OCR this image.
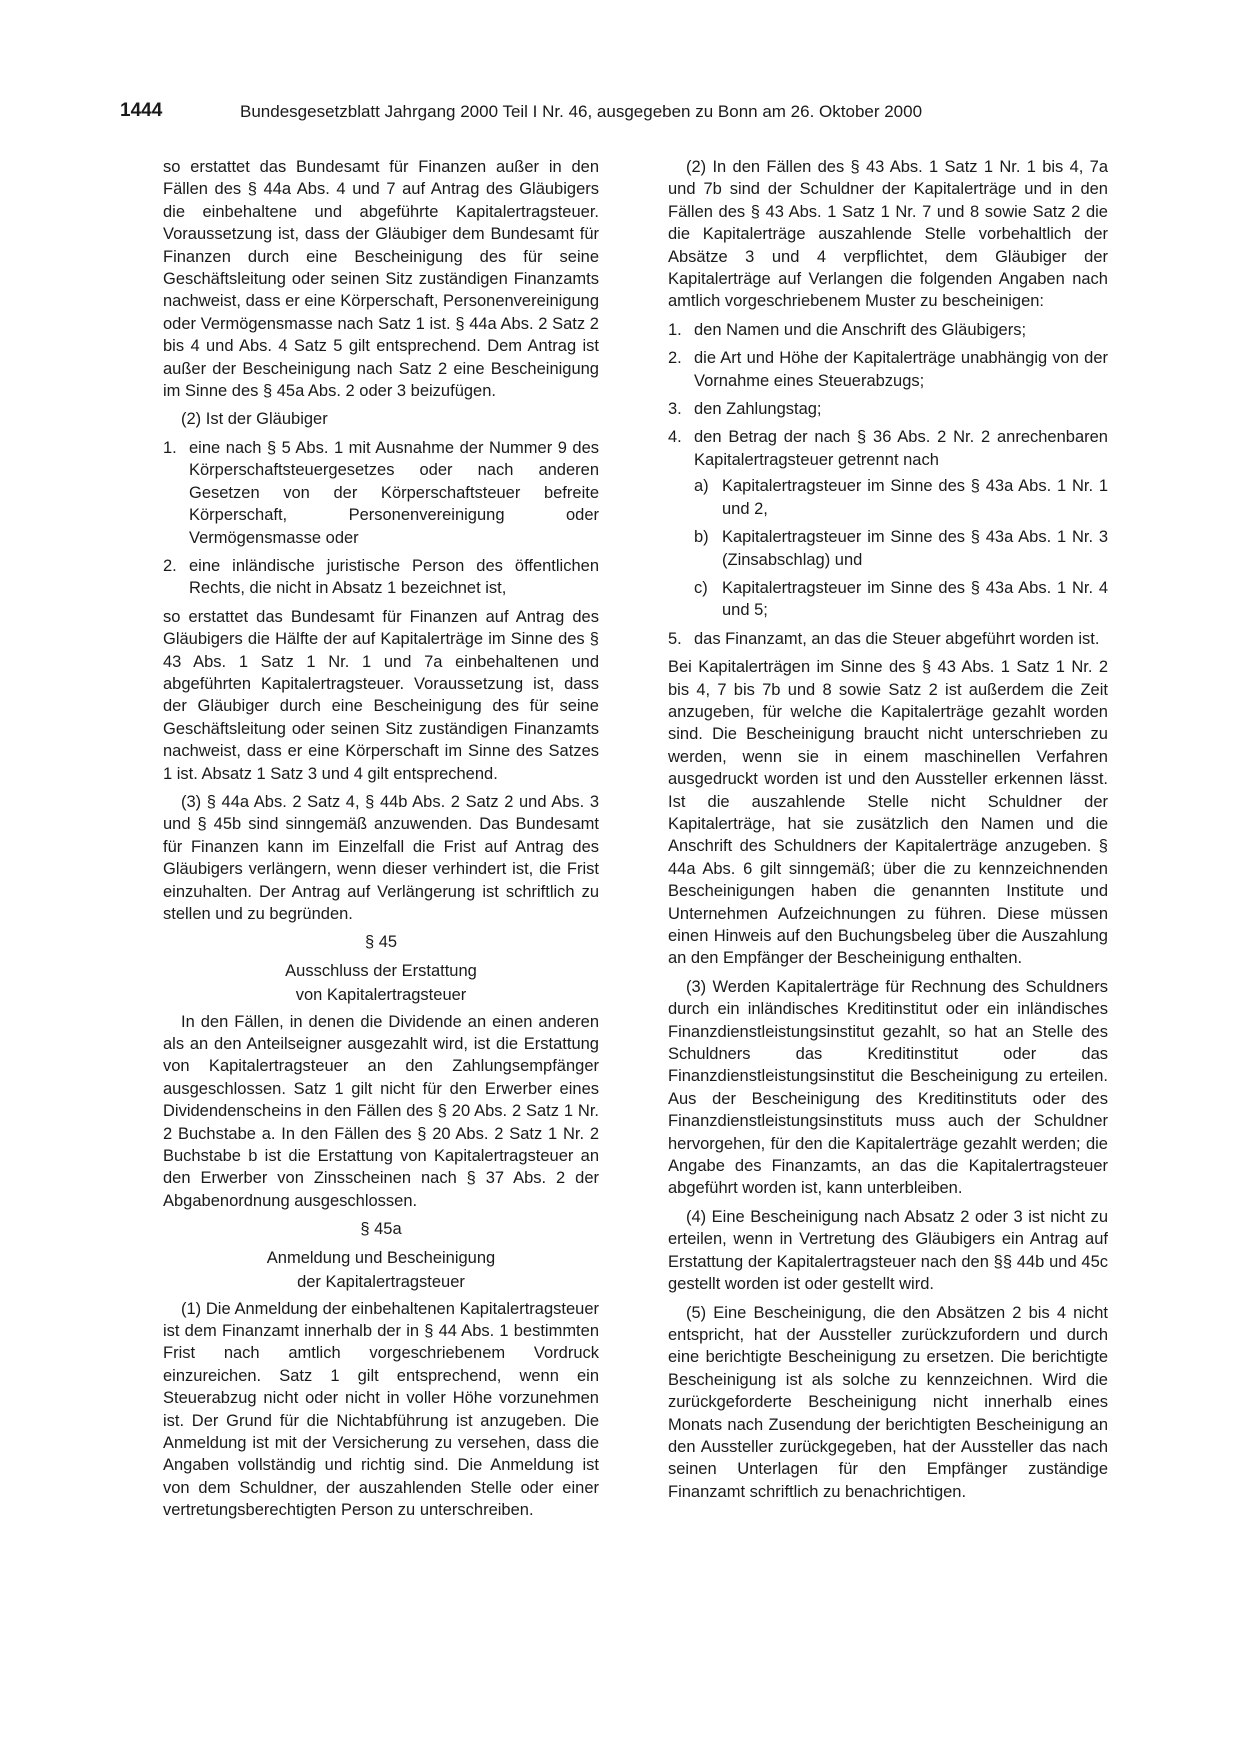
1444	Bundesgesetzblatt Jahrgang 2000 Teil I Nr. 46, ausgegeben zu Bonn am 26. Oktober 2000

so erstattet das Bundesamt für Finanzen außer in den Fällen des § 44a Abs. 4 und 7 auf Antrag des Gläubigers die einbehaltene und abgeführte Kapitalertragsteuer. Voraussetzung ist, dass der Gläubiger dem Bundesamt für Finanzen durch eine Bescheinigung des für seine Geschäftsleitung oder seinen Sitz zuständigen Finanzamts nachweist, dass er eine Körperschaft, Personenvereinigung oder Vermögensmasse nach Satz 1 ist. § 44a Abs. 2 Satz 2 bis 4 und Abs. 4 Satz 5 gilt entsprechend. Dem Antrag ist außer der Bescheinigung nach Satz 2 eine Bescheinigung im Sinne des § 45a Abs. 2 oder 3 beizufügen.

(2) Ist der Gläubiger

1. eine nach § 5 Abs. 1 mit Ausnahme der Nummer 9 des Körperschaftsteuergesetzes oder nach anderen Gesetzen von der Körperschaftsteuer befreite Körperschaft, Personenvereinigung oder Vermögensmasse oder
2. eine inländische juristische Person des öffentlichen Rechts, die nicht in Absatz 1 bezeichnet ist,

so erstattet das Bundesamt für Finanzen auf Antrag des Gläubigers die Hälfte der auf Kapitalerträge im Sinne des § 43 Abs. 1 Satz 1 Nr. 1 und 7a einbehaltenen und abgeführten Kapitalertragsteuer. Voraussetzung ist, dass der Gläubiger durch eine Bescheinigung des für seine Geschäftsleitung oder seinen Sitz zuständigen Finanzamts nachweist, dass er eine Körperschaft im Sinne des Satzes 1 ist. Absatz 1 Satz 3 und 4 gilt entsprechend.

(3) § 44a Abs. 2 Satz 4, § 44b Abs. 2 Satz 2 und Abs. 3 und § 45b sind sinngemäß anzuwenden. Das Bundesamt für Finanzen kann im Einzelfall die Frist auf Antrag des Gläubigers verlängern, wenn dieser verhindert ist, die Frist einzuhalten. Der Antrag auf Verlängerung ist schriftlich zu stellen und zu begründen.

§ 45
Ausschluss der Erstattung
von Kapitalertragsteuer

In den Fällen, in denen die Dividende an einen anderen als an den Anteilseigner ausgezahlt wird, ist die Erstattung von Kapitalertragsteuer an den Zahlungsempfänger ausgeschlossen. Satz 1 gilt nicht für den Erwerber eines Dividendenscheins in den Fällen des § 20 Abs. 2 Satz 1 Nr. 2 Buchstabe a. In den Fällen des § 20 Abs. 2 Satz 1 Nr. 2 Buchstabe b ist die Erstattung von Kapitalertragsteuer an den Erwerber von Zinsscheinen nach § 37 Abs. 2 der Abgabenordnung ausgeschlossen.

§ 45a
Anmeldung und Bescheinigung
der Kapitalertragsteuer

(1) Die Anmeldung der einbehaltenen Kapitalertragsteuer ist dem Finanzamt innerhalb der in § 44 Abs. 1 bestimmten Frist nach amtlich vorgeschriebenem Vordruck einzureichen. Satz 1 gilt entsprechend, wenn ein Steuerabzug nicht oder nicht in voller Höhe vorzunehmen ist. Der Grund für die Nichtabführung ist anzugeben. Die Anmeldung ist mit der Versicherung zu versehen, dass die Angaben vollständig und richtig sind. Die Anmeldung ist von dem Schuldner, der auszahlenden Stelle oder einer vertretungsberechtigten Person zu unterschreiben.

(2) In den Fällen des § 43 Abs. 1 Satz 1 Nr. 1 bis 4, 7a und 7b sind der Schuldner der Kapitalerträge und in den Fällen des § 43 Abs. 1 Satz 1 Nr. 7 und 8 sowie Satz 2 die die Kapitalerträge auszahlende Stelle vorbehaltlich der Absätze 3 und 4 verpflichtet, dem Gläubiger der Kapitalerträge auf Verlangen die folgenden Angaben nach amtlich vorgeschriebenem Muster zu bescheinigen:

1. den Namen und die Anschrift des Gläubigers;
2. die Art und Höhe der Kapitalerträge unabhängig von der Vornahme eines Steuerabzugs;
3. den Zahlungstag;
4. den Betrag der nach § 36 Abs. 2 Nr. 2 anrechenbaren Kapitalertragsteuer getrennt nach
a) Kapitalertragsteuer im Sinne des § 43a Abs. 1 Nr. 1 und 2,
b) Kapitalertragsteuer im Sinne des § 43a Abs. 1 Nr. 3 (Zinsabschlag) und
c) Kapitalertragsteuer im Sinne des § 43a Abs. 1 Nr. 4 und 5;
5. das Finanzamt, an das die Steuer abgeführt worden ist.

Bei Kapitalerträgen im Sinne des § 43 Abs. 1 Satz 1 Nr. 2 bis 4, 7 bis 7b und 8 sowie Satz 2 ist außerdem die Zeit anzugeben, für welche die Kapitalerträge gezahlt worden sind. Die Bescheinigung braucht nicht unterschrieben zu werden, wenn sie in einem maschinellen Verfahren ausgedruckt worden ist und den Aussteller erkennen lässt. Ist die auszahlende Stelle nicht Schuldner der Kapitalerträge, hat sie zusätzlich den Namen und die Anschrift des Schuldners der Kapitalerträge anzugeben. § 44a Abs. 6 gilt sinngemäß; über die zu kennzeichnenden Bescheinigungen haben die genannten Institute und Unternehmen Aufzeichnungen zu führen. Diese müssen einen Hinweis auf den Buchungsbeleg über die Auszahlung an den Empfänger der Bescheinigung enthalten.

(3) Werden Kapitalerträge für Rechnung des Schuldners durch ein inländisches Kreditinstitut oder ein inländisches Finanzdienstleistungsinstitut gezahlt, so hat an Stelle des Schuldners das Kreditinstitut oder das Finanzdienstleistungsinstitut die Bescheinigung zu erteilen. Aus der Bescheinigung des Kreditinstituts oder des Finanzdienstleistungsinstituts muss auch der Schuldner hervorgehen, für den die Kapitalerträge gezahlt werden; die Angabe des Finanzamts, an das die Kapitalertragsteuer abgeführt worden ist, kann unterbleiben.

(4) Eine Bescheinigung nach Absatz 2 oder 3 ist nicht zu erteilen, wenn in Vertretung des Gläubigers ein Antrag auf Erstattung der Kapitalertragsteuer nach den §§ 44b und 45c gestellt worden ist oder gestellt wird.

(5) Eine Bescheinigung, die den Absätzen 2 bis 4 nicht entspricht, hat der Aussteller zurückzufordern und durch eine berichtigte Bescheinigung zu ersetzen. Die berichtigte Bescheinigung ist als solche zu kennzeichnen. Wird die zurückgeforderte Bescheinigung nicht innerhalb eines Monats nach Zusendung der berichtigten Bescheinigung an den Aussteller zurückgegeben, hat der Aussteller das nach seinen Unterlagen für den Empfänger zuständige Finanzamt schriftlich zu benachrichtigen.
